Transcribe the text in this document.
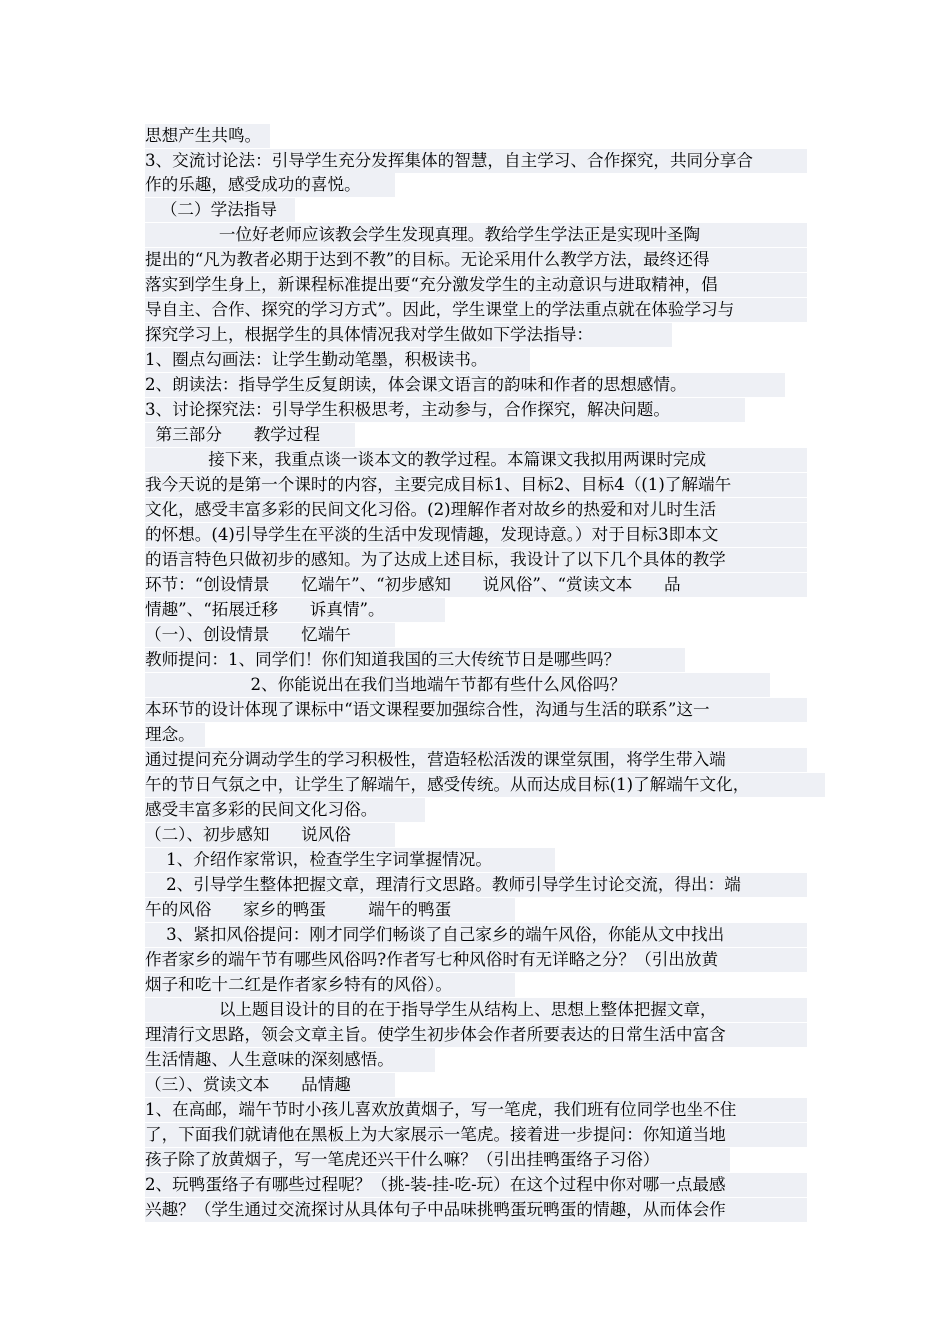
思想产生共鸣。
3、交流讨论法：引导学生充分发挥集体的智慧，自主学习、合作探究，共同分享合
作的乐趣，感受成功的喜悦。
（二）学法指导
一位好老师应该教会学生发现真理。教给学生学法正是实现叶圣陶
提出的“凡为教者必期于达到不教”的目标。无论采用什么教学方法，最终还得
落实到学生身上，新课程标准提出要“充分激发学生的主动意识与进取精神，倡
导自主、合作、探究的学习方式”。因此，学生课堂上的学法重点就在体验学习与
探究学习上，根据学生的具体情况我对学生做如下学法指导：
1、圈点勾画法：让学生勤动笔墨，积极读书。
2、朗读法：指导学生反复朗读，体会课文语言的韵味和作者的思想感情。
3、讨论探究法：引导学生积极思考，主动参与，合作探究，解决问题。
第三部分      教学过程
接下来，我重点谈一谈本文的教学过程。本篇课文我拟用两课时完成
我今天说的是第一个课时的内容，主要完成目标1、目标2、目标4（(1)了解端午
文化，感受丰富多彩的民间文化习俗。(2)理解作者对故乡的热爱和对儿时生活
的怀想。(4)引导学生在平淡的生活中发现情趣，发现诗意。）对于目标3即本文
的语言特色只做初步的感知。为了达成上述目标，我设计了以下几个具体的教学
环节：“创设情景      忆端午”、“初步感知      说风俗”、“赏读文本      品
情趣”、“拓展迁移      诉真情”。
（一）、创设情景      忆端午
教师提问：1、同学们！你们知道我国的三大传统节日是哪些吗？
2、你能说出在我们当地端午节都有些什么风俗吗？
本环节的设计体现了课标中“语文课程要加强综合性，沟通与生活的联系”这一
理念。
通过提问充分调动学生的学习积极性，营造轻松活泼的课堂氛围，将学生带入端
午的节日气氛之中，让学生了解端午，感受传统。从而达成目标(1)了解端午文化，
感受丰富多彩的民间文化习俗。
（二）、初步感知      说风俗
1、介绍作家常识，检查学生字词掌握情况。
2、引导学生整体把握文章，理清行文思路。教师引导学生讨论交流，得出：端
午的风俗      家乡的鸭蛋        端午的鸭蛋
3、紧扣风俗提问：刚才同学们畅谈了自己家乡的端午风俗，你能从文中找出
作者家乡的端午节有哪些风俗吗?作者写七种风俗时有无详略之分？（引出放黄
烟子和吃十二红是作者家乡特有的风俗）。
以上题目设计的目的在于指导学生从结构上、思想上整体把握文章，
理清行文思路，领会文章主旨。使学生初步体会作者所要表达的日常生活中富含
生活情趣、人生意味的深刻感悟。
（三）、赏读文本      品情趣
1、在高邮，端午节时小孩儿喜欢放黄烟子，写一笔虎，我们班有位同学也坐不住
了，下面我们就请他在黑板上为大家展示一笔虎。接着进一步提问：你知道当地
孩子除了放黄烟子，写一笔虎还兴干什么嘛？（引出挂鸭蛋络子习俗）
2、玩鸭蛋络子有哪些过程呢？（挑-装-挂-吃-玩）在这个过程中你对哪一点最感
兴趣？（学生通过交流探讨从具体句子中品味挑鸭蛋玩鸭蛋的情趣，从而体会作
